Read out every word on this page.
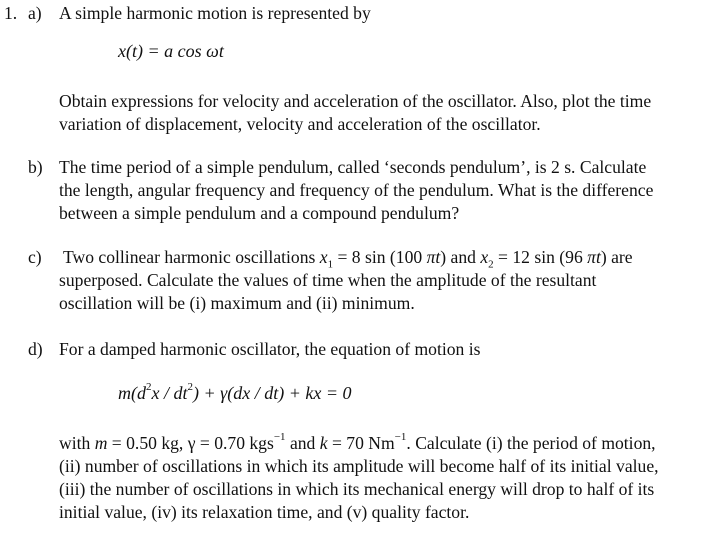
1. a) A simple harmonic motion is represented by
x(t) = a cos ωt
Obtain expressions for velocity and acceleration of the oscillator. Also, plot the time
variation of displacement, velocity and acceleration of the oscillator.
b) The time period of a simple pendulum, called ‘seconds pendulum’, is 2 s. Calculate
the length, angular frequency and frequency of the pendulum. What is the difference
between a simple pendulum and a compound pendulum?
c) Two collinear harmonic oscillations $x_1 = 8$ sin (100 πt) and $x_2 = 12$ sin (96 πt) are
superposed. Calculate the values of time when the amplitude of the resultant
oscillation will be (i) maximum and (ii) minimum.
d) For a damped harmonic oscillator, the equation of motion is
$m(d^2x / dt^2) + \gamma(dx / dt)$ + kx = 0
with m = 0.50 kg, γ = 0.70 kgs$^{-1}$ and k = 70 $Nm^{-1}$. Calculate (i) the period of motion,
(ii) number of oscillations in which its amplitude will become half of its initial value,
(iii) the number of oscillations in which its mechanical energy will drop to half of its
initial value, (iv) its relaxation time, and (v) quality factor.
